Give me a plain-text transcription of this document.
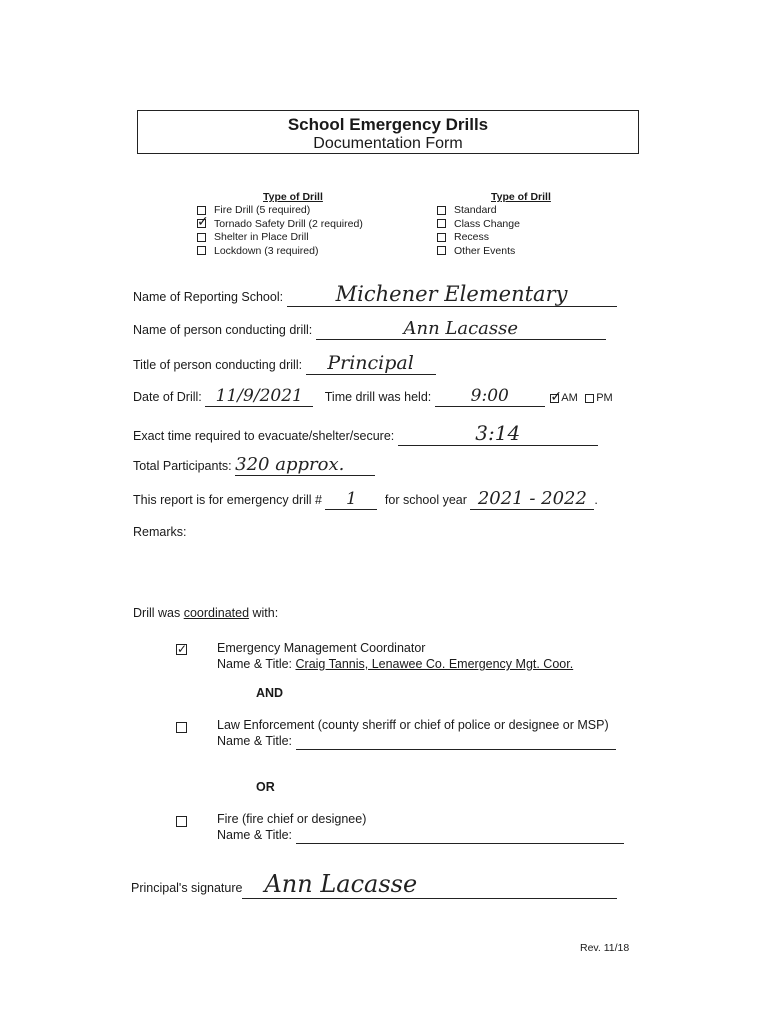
School Emergency Drills
Documentation Form
Type of Drill
Fire Drill (5 required)
✓ Tornado Safety Drill (2 required)
Shelter in Place Drill
Lockdown (3 required)
Type of Drill
Standard
Class Change
Recess
Other Events
Name of Reporting School:	Michener Elementary
Name of person conducting drill:	Ann Lacasse
Title of person conducting drill: Principal
Date of Drill: 11/9/2021 Time drill was held: 9:00	✓ AM PM
Exact time required to evacuate/shelter/secure:	3:14
Total Participants: 320 approx.
This report is for emergency drill # 1 for school year 2021 - 2022 .
Remarks:
Drill was coordinated with:
✓ Emergency Management Coordinator
Name & Title: Craig Tannis, Lenawee Co. Emergency Mgt. Coor.
AND
Law Enforcement (county sheriff or chief of police or designee or MSP)
Name & Title:
OR
Fire (fire chief or designee)
Name & Title:
Principal's signature Ann Lacasse
Rev. 11/18
